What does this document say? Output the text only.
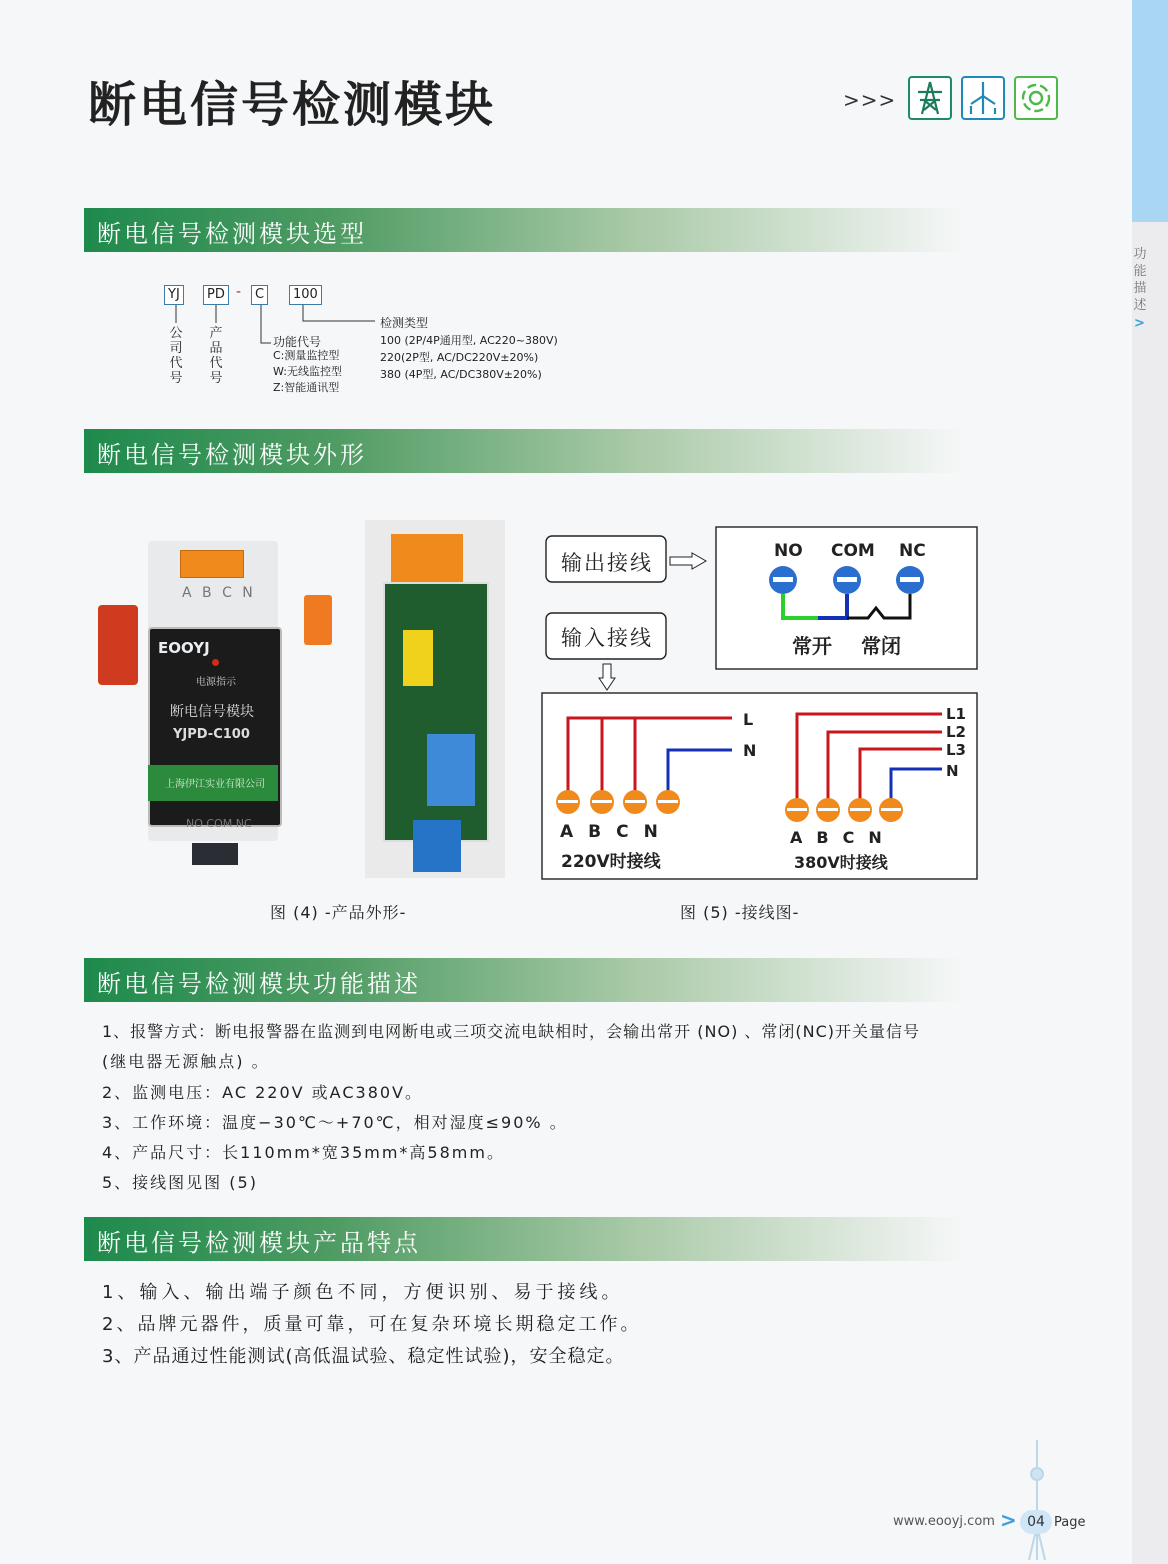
功
能
描
述
>
断电信号检测模块	>>>
断电信号检测模块选型
YJ	PD -	C	100
公
司
代
号
产
品
代
号
功能代号
C:测量监控型
W:无线监控型
Z:智能通讯型
检测类型
100 (2P/4P通用型, AC220~380V)
220(2P型, AC/DC220V±20%)
380 (4P型, AC/DC380V±20%)
断电信号检测模块外形
A B C N
EOOYJ
电源指示
断电信号模块
YJPD-C100
上海伊江实业有限公司
NO COM NC
输出接线
输入接线
NO COM NC
常开 常闭
L
N
ABCN
220V时接线
L1
L2
L3
N
ABCN
380V时接线
图 (4) -产品外形-	图 (5) -接线图-
断电信号检测模块功能描述
1、报警方式：断电报警器在监测到电网断电或三项交流电缺相时，会输出常开 (NO) 、常闭(NC)开关量信号
(继电器无源触点) 。
2、监测电压：AC 220V 或AC380V。
3、工作环境：温度−30℃～+70℃，相对湿度≤90% 。
4、产品尺寸：长110mm*宽35mm*高58mm。
5、接线图见图 (5)
断电信号检测模块产品特点
1、输入、输出端子颜色不同，方便识别、易于接线。
2、品牌元器件，质量可靠，可在复杂环境长期稳定工作。
3、产品通过性能测试(高低温试验、稳定性试验)，安全稳定。
www.eooyj.com > 04 Page
